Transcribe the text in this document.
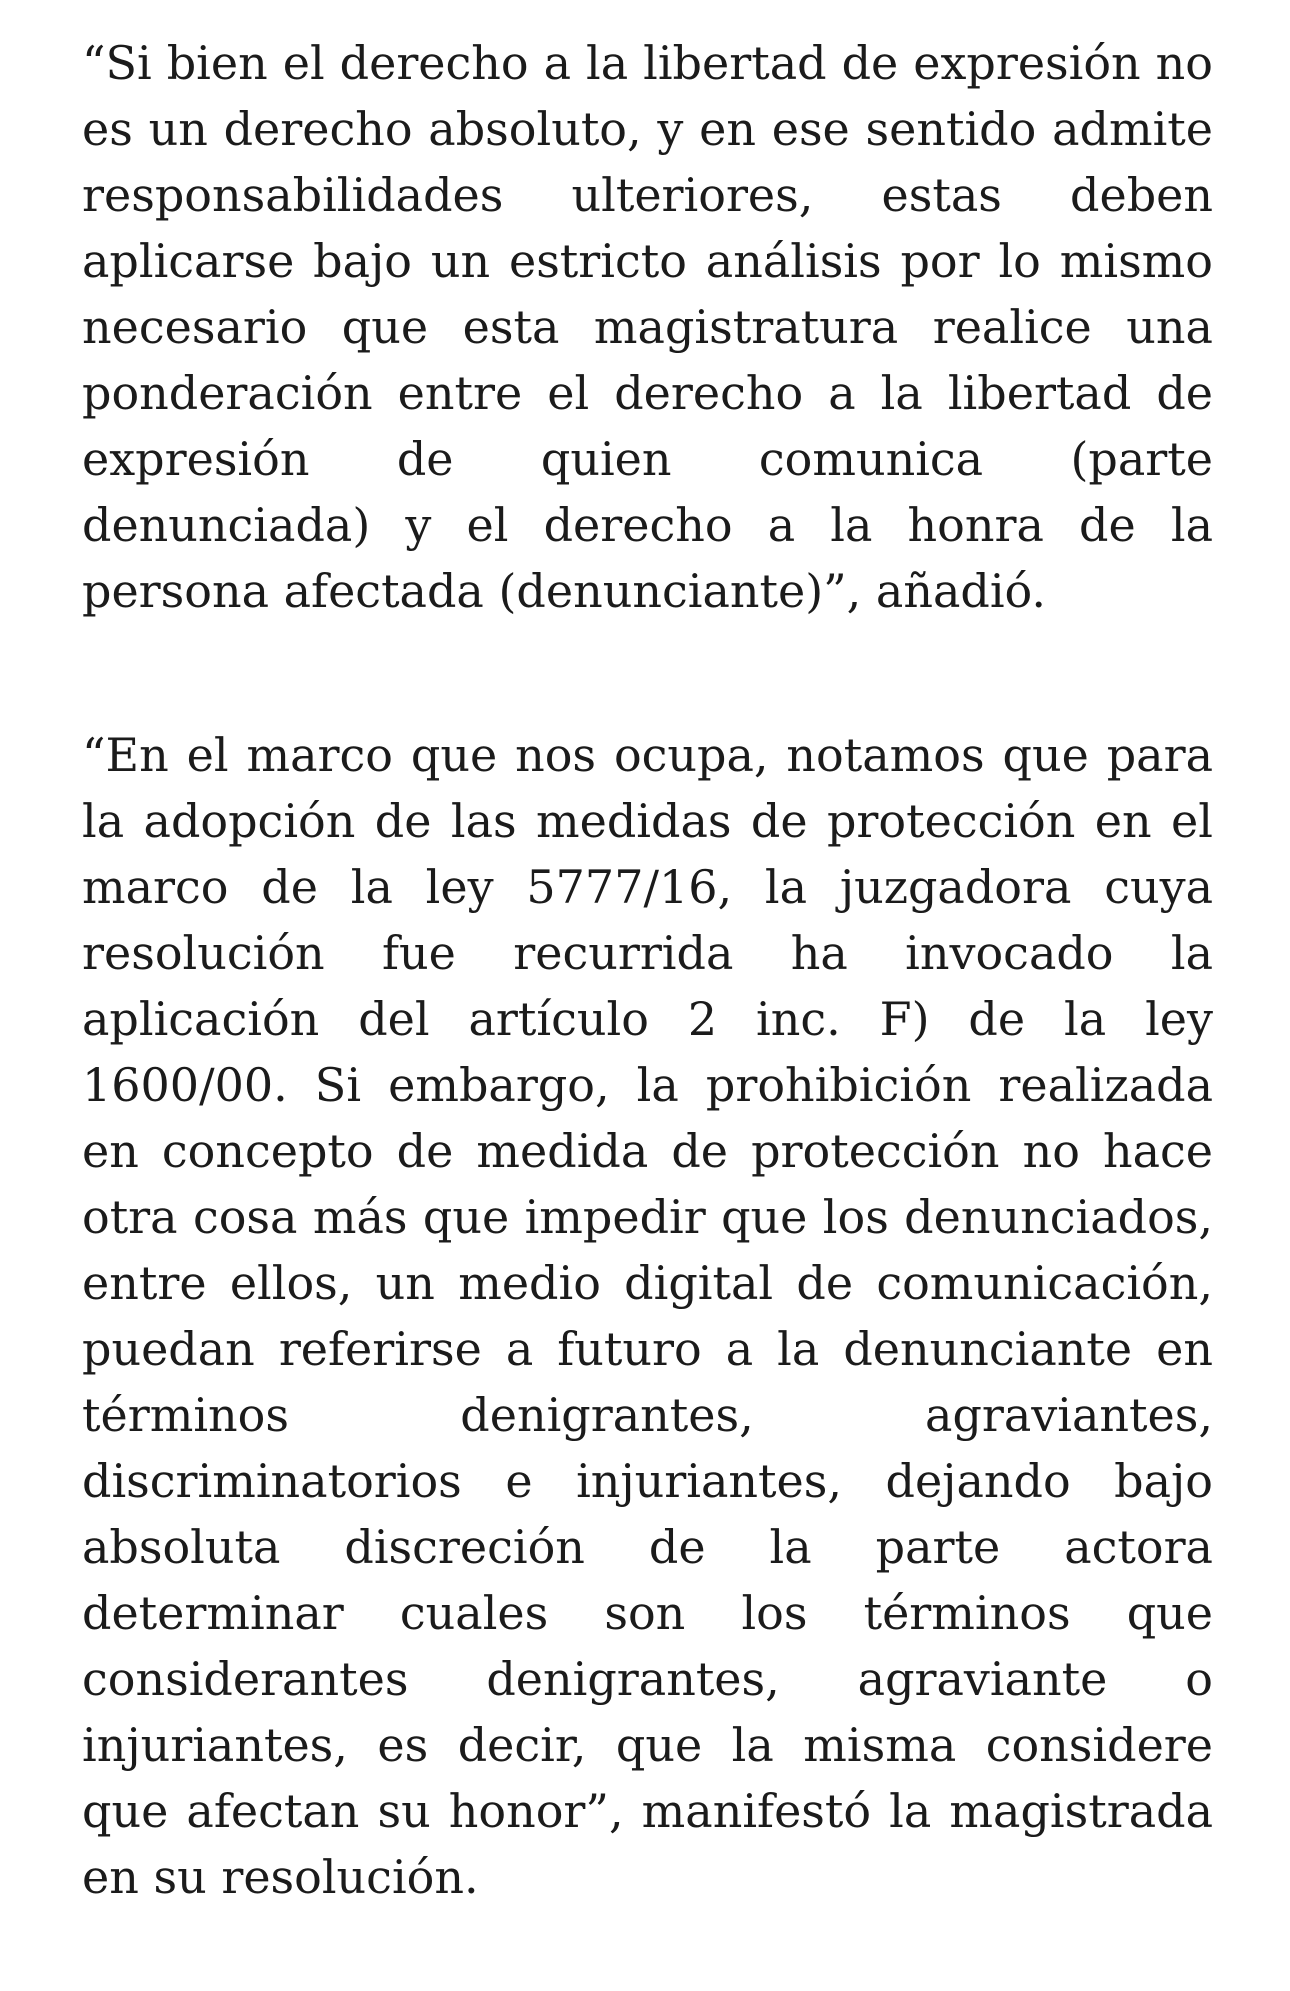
“Si bien el derecho a la libertad de expresión no es un derecho absoluto, y en ese sentido admite responsabilidades ulteriores, estas deben aplicarse bajo un estricto análisis por lo mismo necesario que esta magistratura realice una ponderación entre el derecho a la libertad de expresión de quien comunica (parte denunciada) y el derecho a la honra de la persona afectada (denunciante)”, añadió.

“En el marco que nos ocupa, notamos que para la adopción de las medidas de protección en el marco de la ley 5777/16, la juzgadora cuya resolución fue recurrida ha invocado la aplicación del artículo 2 inc. F) de la ley 1600/00. Si embargo, la prohibición realizada en concepto de medida de protección no hace otra cosa más que impedir que los denunciados, entre ellos, un medio digital de comunicación, puedan referirse a futuro a la denunciante en términos denigrantes, agraviantes, discriminatorios e injuriantes, dejando bajo absoluta discreción de la parte actora determinar cuales son los términos que considerantes denigrantes, agraviante o injuriantes, es decir, que la misma considere que afectan su honor”, manifestó la magistrada en su resolución.
